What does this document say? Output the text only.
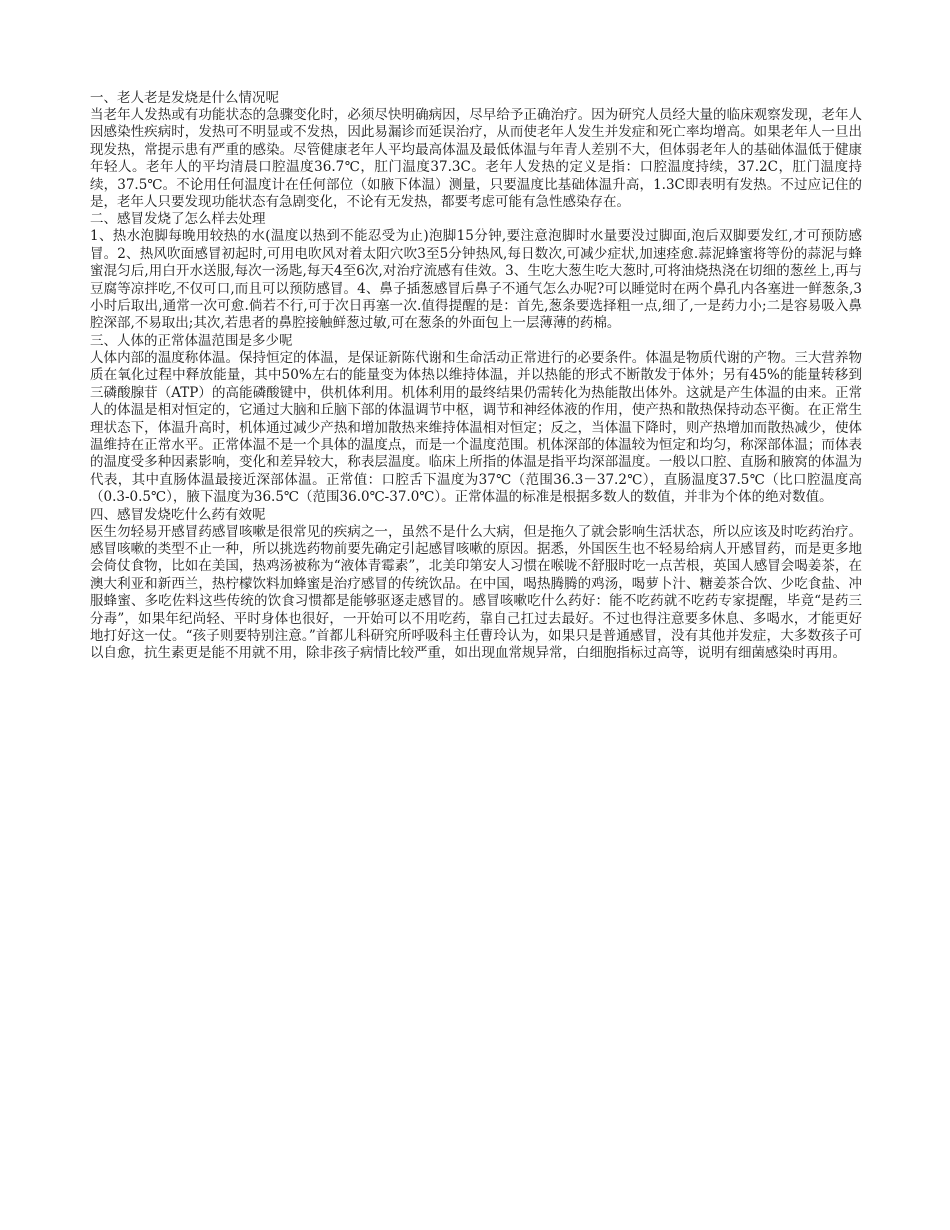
一、老人老是发烧是什么情况呢

当老年人发热或有功能状态的急骤变化时，必须尽快明确病因，尽早给予正确治疗。因为研究人员经大量的临床观察发现，老年人因感染性疾病时，发热可不明显或不发热，因此易漏诊而延误治疗，从而使老年人发生并发症和死亡率均增高。如果老年人一旦出现发热，常提示患有严重的感染。尽管健康老年人平均最高体温及最低体温与年青人差别不大，但体弱老年人的基础体温低于健康年轻人。老年人的平均清晨口腔温度36.7℃，肛门温度37.3C。老年人发热的定义是指：口腔温度持续，37.2C，肛门温度持续，37.5℃。不论用任何温度计在任何部位（如腋下体温）测量，只要温度比基础体温升高，1.3C即表明有发热。不过应记住的是，老年人只要发现功能状态有急剧变化，不论有无发热，都要考虑可能有急性感染存在。

二、感冒发烧了怎么样去处理

1、热水泡脚每晚用较热的水(温度以热到不能忍受为止)泡脚15分钟,要注意泡脚时水量要没过脚面,泡后双脚要发红,才可预防感冒。2、热风吹面感冒初起时,可用电吹风对着太阳穴吹3至5分钟热风,每日数次,可减少症状,加速痊愈.蒜泥蜂蜜将等份的蒜泥与蜂蜜混匀后,用白开水送服,每次一汤匙,每天4至6次,对治疗流感有佳效。3、生吃大葱生吃大葱时,可将油烧热浇在切细的葱丝上,再与豆腐等凉拌吃,不仅可口,而且可以预防感冒。4、鼻子插葱感冒后鼻子不通气怎么办呢?可以睡觉时在两个鼻孔内各塞进一鲜葱条,3小时后取出,通常一次可愈.倘若不行,可于次日再塞一次.值得提醒的是：首先,葱条要选择粗一点,细了,一是药力小;二是容易吸入鼻腔深部,不易取出;其次,若患者的鼻腔接触鲜葱过敏,可在葱条的外面包上一层薄薄的药棉。

三、人体的正常体温范围是多少呢

人体内部的温度称体温。保持恒定的体温，是保证新陈代谢和生命活动正常进行的必要条件。体温是物质代谢的产物。三大营养物质在氧化过程中释放能量，其中50%左右的能量变为体热以维持体温，并以热能的形式不断散发于体外；另有45%的能量转移到三磷酸腺苷（ATP）的高能磷酸键中，供机体利用。机体利用的最终结果仍需转化为热能散出体外。这就是产生体温的由来。正常人的体温是相对恒定的，它通过大脑和丘脑下部的体温调节中枢，调节和神经体液的作用，使产热和散热保持动态平衡。在正常生理状态下，体温升高时，机体通过减少产热和增加散热来维持体温相对恒定；反之，当体温下降时，则产热增加而散热减少，使体温维持在正常水平。正常体温不是一个具体的温度点，而是一个温度范围。机体深部的体温较为恒定和均匀，称深部体温；而体表的温度受多种因素影响，变化和差异较大，称表层温度。临床上所指的体温是指平均深部温度。一般以口腔、直肠和腋窝的体温为代表，其中直肠体温最接近深部体温。正常值：口腔舌下温度为37℃（范围36.3－37.2℃），直肠温度37.5℃（比口腔温度高（0.3-0.5℃），腋下温度为36.5℃（范围36.0℃-37.0℃）。正常体温的标准是根据多数人的数值，并非为个体的绝对数值。

四、感冒发烧吃什么药有效呢

医生勿轻易开感冒药感冒咳嗽是很常见的疾病之一，虽然不是什么大病，但是拖久了就会影响生活状态，所以应该及时吃药治疗。感冒咳嗽的类型不止一种，所以挑选药物前要先确定引起感冒咳嗽的原因。据悉，外国医生也不轻易给病人开感冒药，而是更多地会倚仗食物，比如在美国，热鸡汤被称为“液体青霉素”，北美印第安人习惯在喉咙不舒服时吃一点苦根，英国人感冒会喝姜茶，在澳大利亚和新西兰，热柠檬饮料加蜂蜜是治疗感冒的传统饮品。在中国，喝热腾腾的鸡汤，喝萝卜汁、糖姜茶合饮、少吃食盐、冲服蜂蜜、多吃佐料这些传统的饮食习惯都是能够驱逐走感冒的。感冒咳嗽吃什么药好：能不吃药就不吃药专家提醒，毕竟“是药三分毒”，如果年纪尚轻、平时身体也很好，一开始可以不用吃药，靠自己扛过去最好。不过也得注意要多休息、多喝水，才能更好地打好这一仗。“孩子则要特别注意。”首都儿科研究所呼吸科主任曹玲认为，如果只是普通感冒，没有其他并发症，大多数孩子可以自愈，抗生素更是能不用就不用，除非孩子病情比较严重，如出现血常规异常，白细胞指标过高等，说明有细菌感染时再用。
